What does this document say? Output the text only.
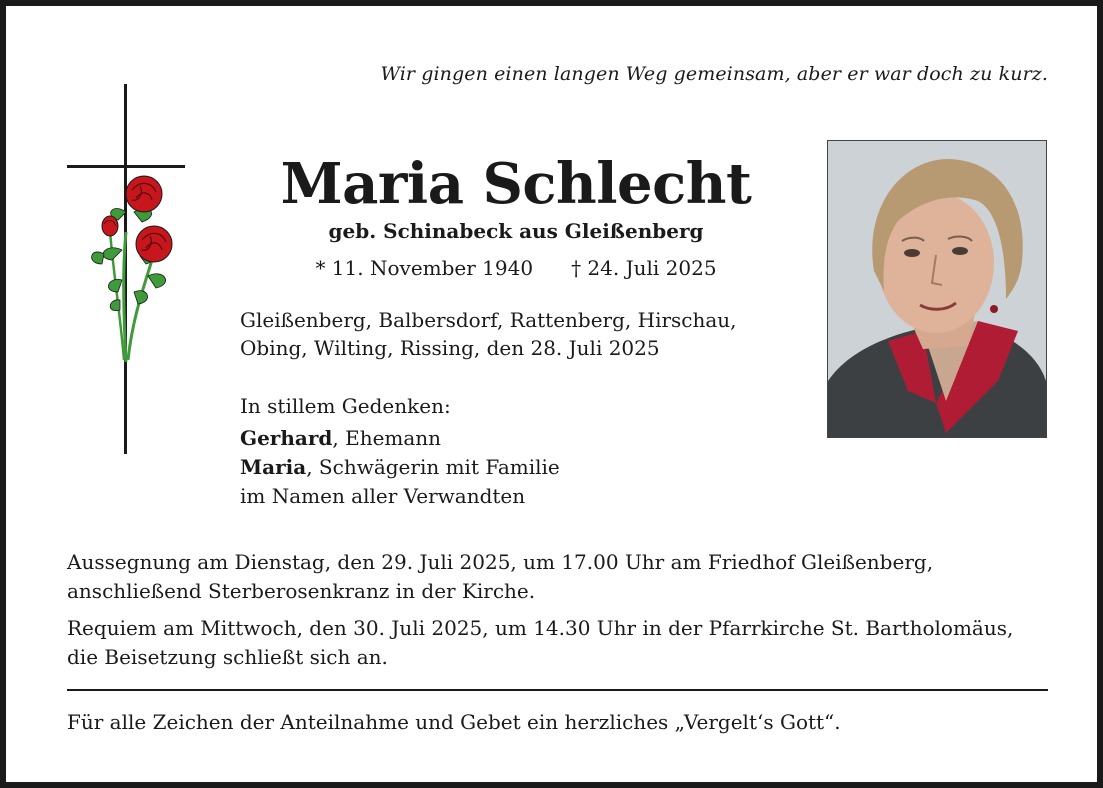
Wir gingen einen langen Weg gemeinsam, aber er war doch zu kurz.
Maria Schlecht
geb. Schinabeck aus Gleißenberg
* 11. November 1940 † 24. Juli 2025
Gleißenberg, Balbersdorf, Rattenberg, Hirschau,
Obing, Wilting, Rissing, den 28. Juli 2025
In stillem Gedenken:
Gerhard, Ehemann
Maria, Schwägerin mit Familie
im Namen aller Verwandten
Aussegnung am Dienstag, den 29. Juli 2025, um 17.00 Uhr am Friedhof Gleißenberg,
anschließend Sterberosenkranz in der Kirche.
Requiem am Mittwoch, den 30. Juli 2025, um 14.30 Uhr in der Pfarrkirche St. Bartholomäus,
die Beisetzung schließt sich an.
Für alle Zeichen der Anteilnahme und Gebet ein herzliches „Vergelt‘s Gott“.
